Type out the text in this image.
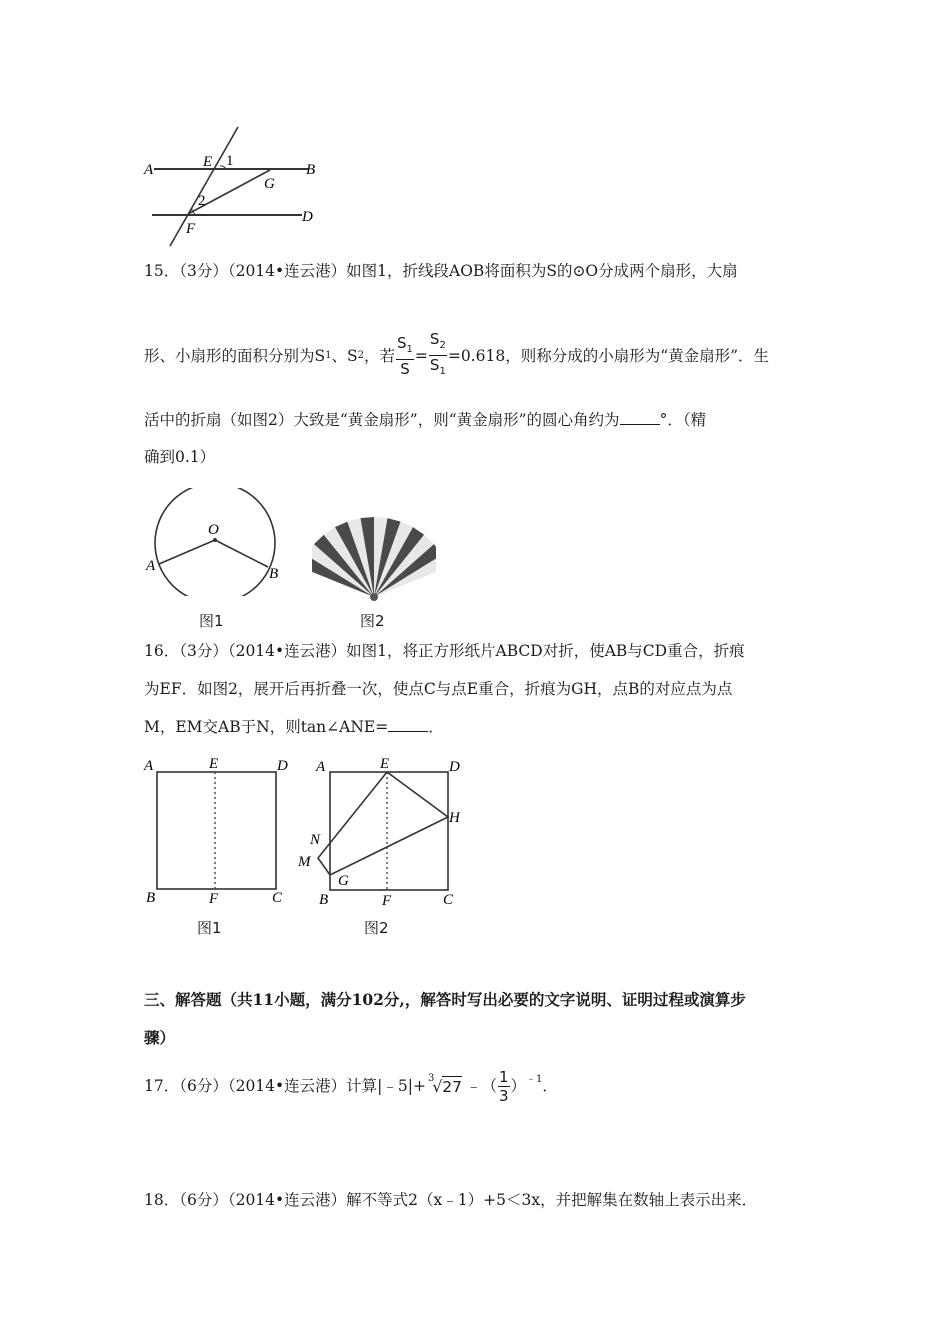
A	E 1
B
G
2
D
F
15．（3分）（2014•连云港）如图1，折线段AOB将面积为S的⊙O分成两个扇形，大扇
形、小扇形的面积分别为S 1 、S 2 ，若 $\frac{S_1}{S} = \frac{S_2}{S_1} =0.618$，则称分成的小扇形为“黄金扇形”．生
活中的折扇（如图2）大致是“黄金扇形”，则“黄金扇形”的圆心角约为	°．（精
确到0.1）
O
A	B
图1	图2
16．（3分）（2014•连云港）如图1，将正方形纸片ABCD对折，使AB与CD重合，折痕
为EF．如图2，展开后再折叠一次，使点C与点E重合，折痕为GH，点B的对应点为点
M，EM交AB于N，则tan∠ANE=	．
A	E	D
B	F	C
图1
A	E	D
H
N
M
G
B	F	C
图2
三、解答题（共11小题，满分102分,，解答时写出必要的文字说明、证明过程或演算步
骤）
17．（6分）（2014•连云港）计算|﹣5|+$^3$
√ 27 ﹣（ $\frac{1}{3} )^{﹣1}$ ．
18．（6分）（2014•连云港）解不等式2（x﹣1）+5＜3x，并把解集在数轴上表示出来．
